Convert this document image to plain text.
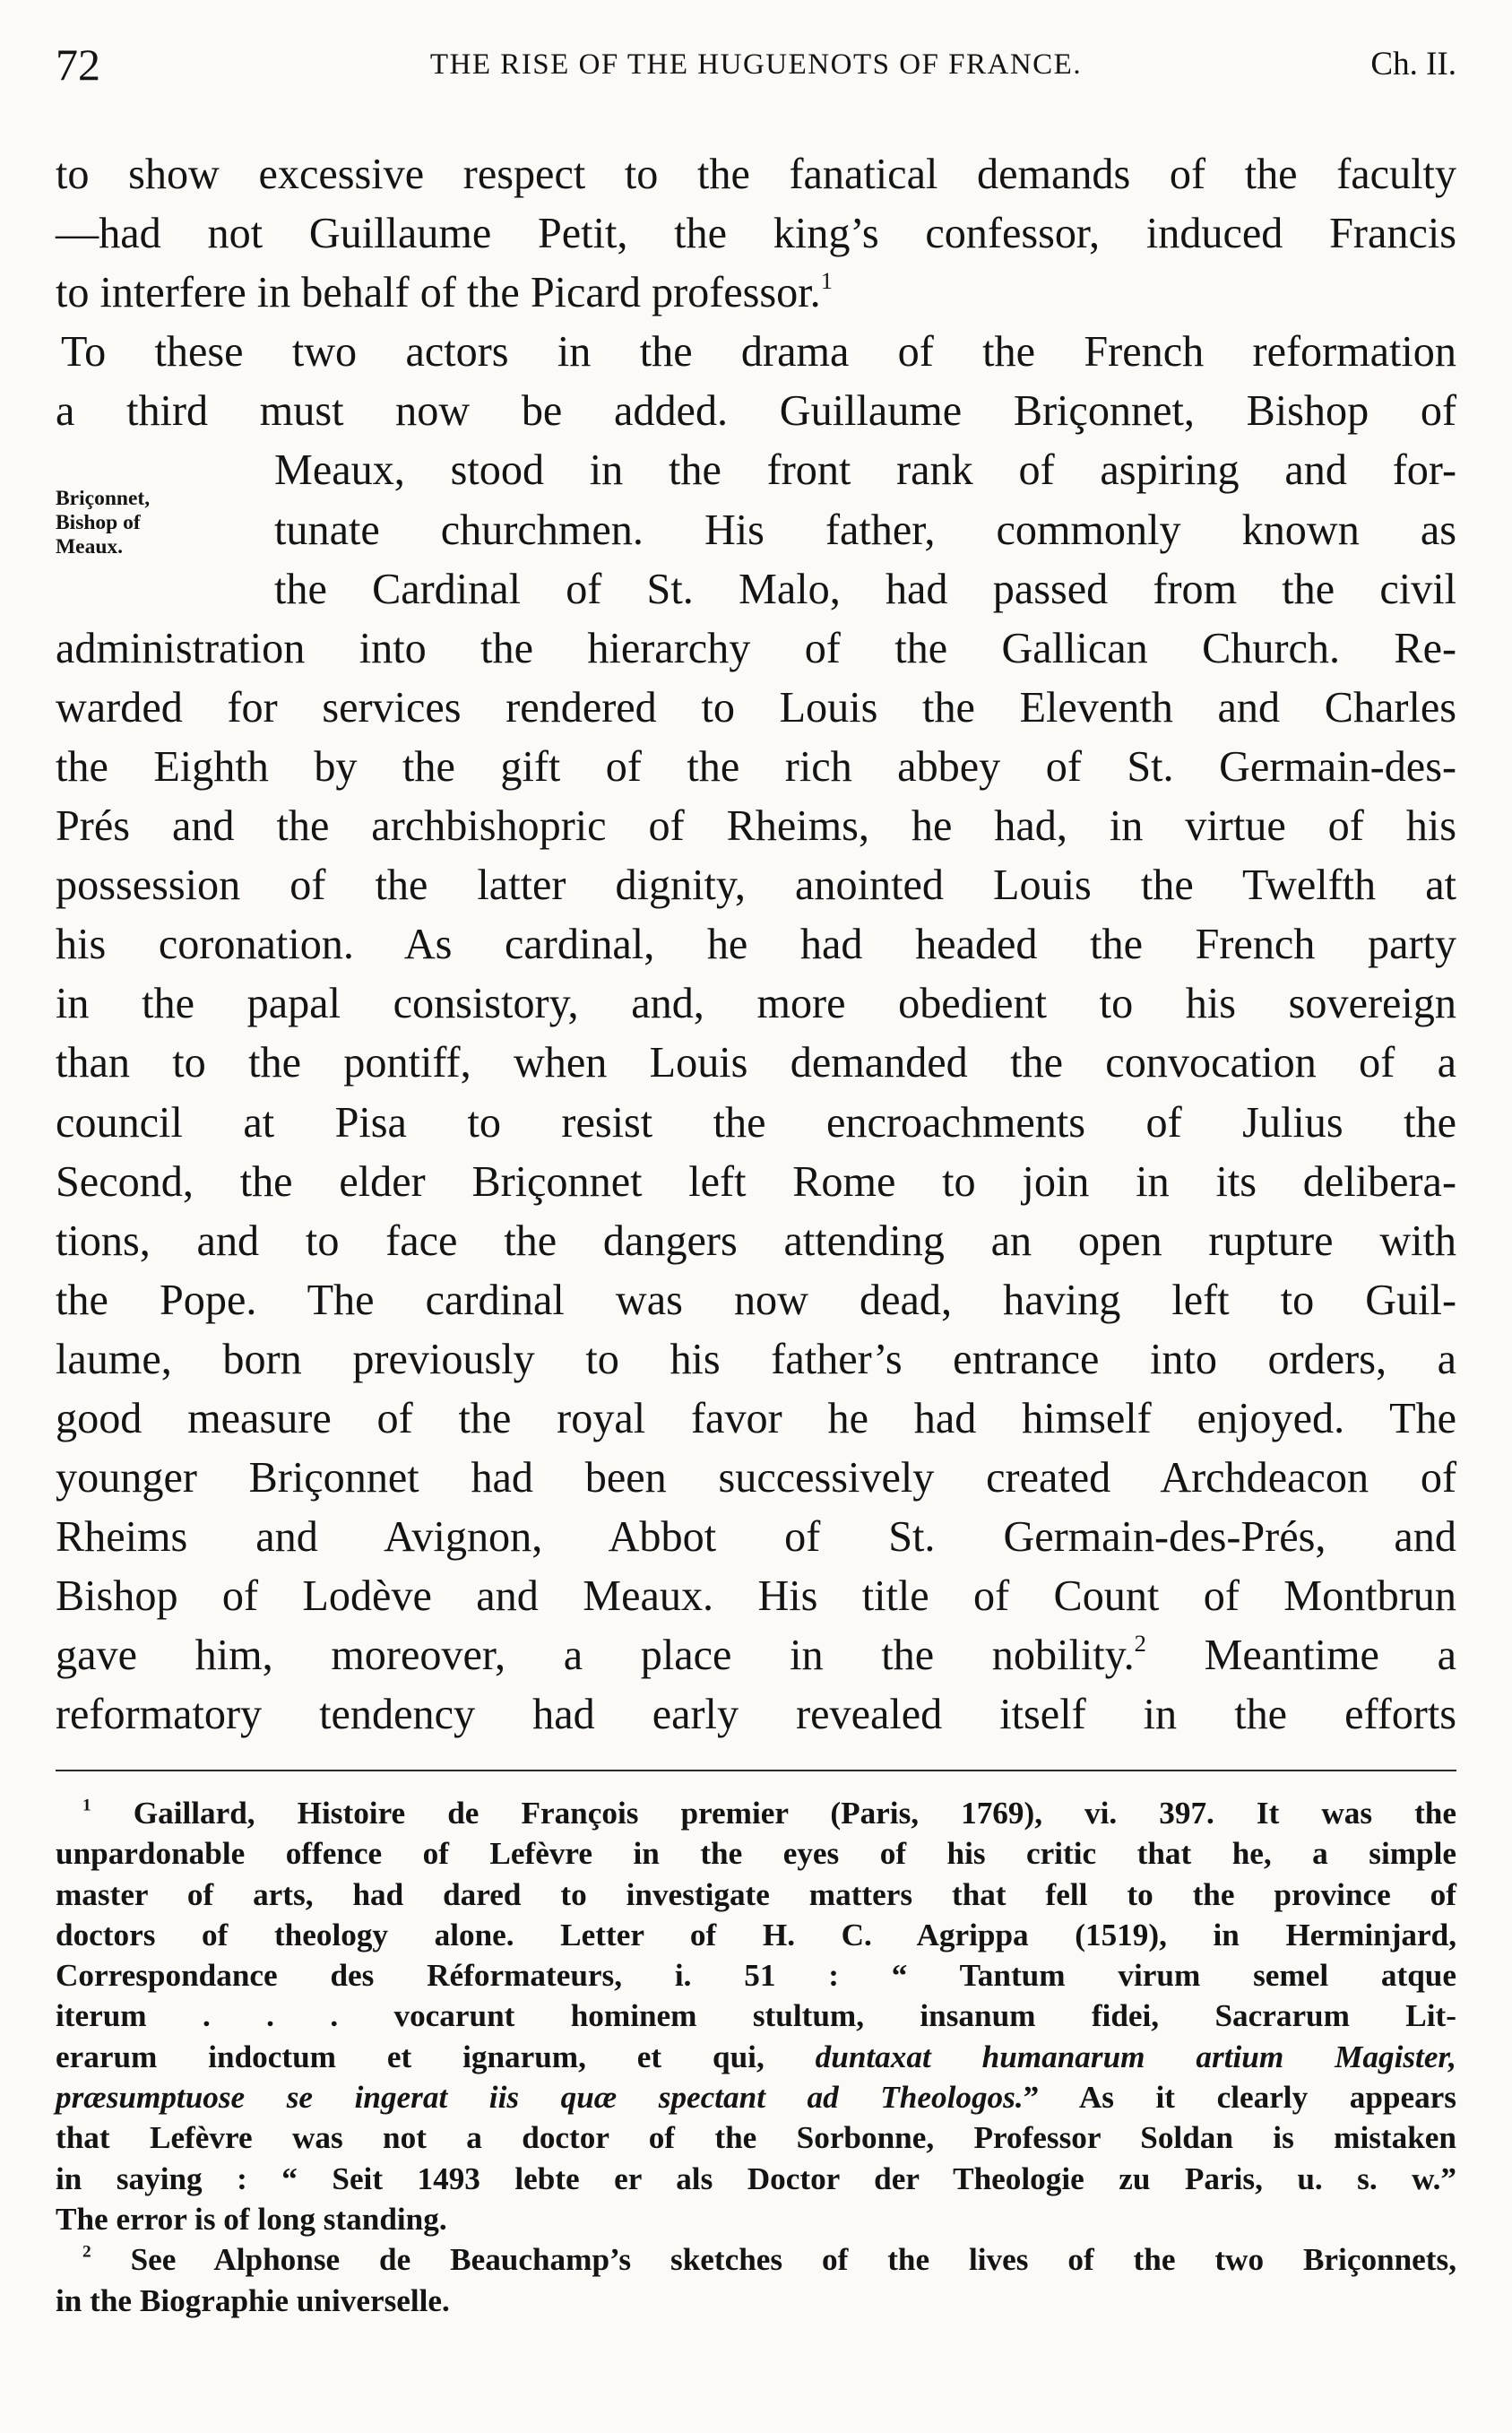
72	THE RISE OF THE HUGUENOTS OF FRANCE.	Ch. II.
Briçonnet,
Bishop of
Meaux.
to show excessive respect to the fanatical demands of the faculty
—had not Guillaume Petit, the king’s confessor, induced Francis
to interfere in behalf of the Picard professor.$^1$
To these two actors in the drama of the French reformation
a third must now be added. Guillaume Briçonnet, Bishop of
Meaux, stood in the front rank of aspiring and for-
tunate churchmen. His father, commonly known as
the Cardinal of St. Malo, had passed from the civil
administration into the hierarchy of the Gallican Church. Re-
warded for services rendered to Louis the Eleventh and Charles
the Eighth by the gift of the rich abbey of St. Germain-des-
Prés and the archbishopric of Rheims, he had, in virtue of his
possession of the latter dignity, anointed Louis the Twelfth at
his coronation. As cardinal, he had headed the French party
in the papal consistory, and, more obedient to his sovereign
than to the pontiff, when Louis demanded the convocation of a
council at Pisa to resist the encroachments of Julius the
Second, the elder Briçonnet left Rome to join in its delibera-
tions, and to face the dangers attending an open rupture with
the Pope. The cardinal was now dead, having left to Guil-
laume, born previously to his father’s entrance into orders, a
good measure of the royal favor he had himself enjoyed. The
younger Briçonnet had been successively created Archdeacon of
Rheims and Avignon, Abbot of St. Germain-des-Prés, and
Bishop of Lodève and Meaux. His title of Count of Montbrun
gave him, moreover, a place in the nobility.$^2$ Meantime a
reformatory tendency had early revealed itself in the efforts
$^1$ Gaillard, Histoire de François premier (Paris, 1769), vi. 397. It was the
unpardonable offence of Lefèvre in the eyes of his critic that he, a simple
master of arts, had dared to investigate matters that fell to the province of
doctors of theology alone. Letter of H. C. Agrippa (1519), in Herminjard,
Correspondance des Réformateurs, i. 51 : “ Tantum virum semel atque
iterum . . . vocarunt hominem stultum, insanum fidei, Sacrarum Lit-
erarum indoctum et ignarum, et qui, duntaxat humanarum artium Magister,
præsumptuose se ingerat iis quæ spectant ad Theologos.” As it clearly appears
that Lefèvre was not a doctor of the Sorbonne, Professor Soldan is mistaken
in saying : “ Seit 1493 lebte er als Doctor der Theologie zu Paris, u. s. w.”
The error is of long standing.
$^2$ See Alphonse de Beauchamp’s sketches of the lives of the two Briçonnets,
in the Biographie universelle.
